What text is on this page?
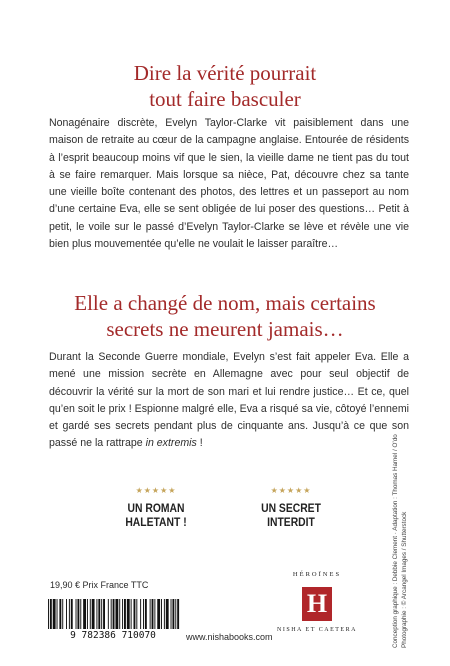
Dire la vérité pourrait
tout faire basculer

Nonagénaire discrète, Evelyn Taylor-Clarke vit paisiblement dans une maison de retraite au cœur de la campagne anglaise. Entourée de résidents à l’esprit beaucoup moins vif que le sien, la vieille dame ne tient pas du tout à se faire remarquer. Mais lorsque sa nièce, Pat, découvre chez sa tante une vieille boîte contenant des photos, des lettres et un passeport au nom d’une certaine Eva, elle se sent obligée de lui poser des questions… Petit à petit, le voile sur le passé d’Evelyn Taylor-Clarke se lève et révèle une vie bien plus mouvementée qu’elle ne voulait le laisser paraître…

Elle a changé de nom, mais certains
secrets ne meurent jamais…

Durant la Seconde Guerre mondiale, Evelyn s’est fait appeler Eva. Elle a mené une mission secrète en Allemagne avec pour seul objectif de découvrir la vérité sur la mort de son mari et lui rendre justice… Et ce, quel qu’en soit le prix ! Espionne malgré elle, Eva a risqué sa vie, côtoyé l’ennemi et gardé ses secrets pendant plus de cinquante ans. Jusqu’à ce que son passé ne la rattrape in extremis !

★★★★★
UN ROMAN
HALETANT !
★★★★★
UN SECRET
INTERDIT
19,90 € Prix France TTC
9 782386 710070	www.nishabooks.com
HÉROÏNES
H
NISHA ET CAETERA	Conception graphique : Debbie Clement · Adaptation : Thomas Hamel / O’do Photographie : © Arcangel Images / Shutterstock
